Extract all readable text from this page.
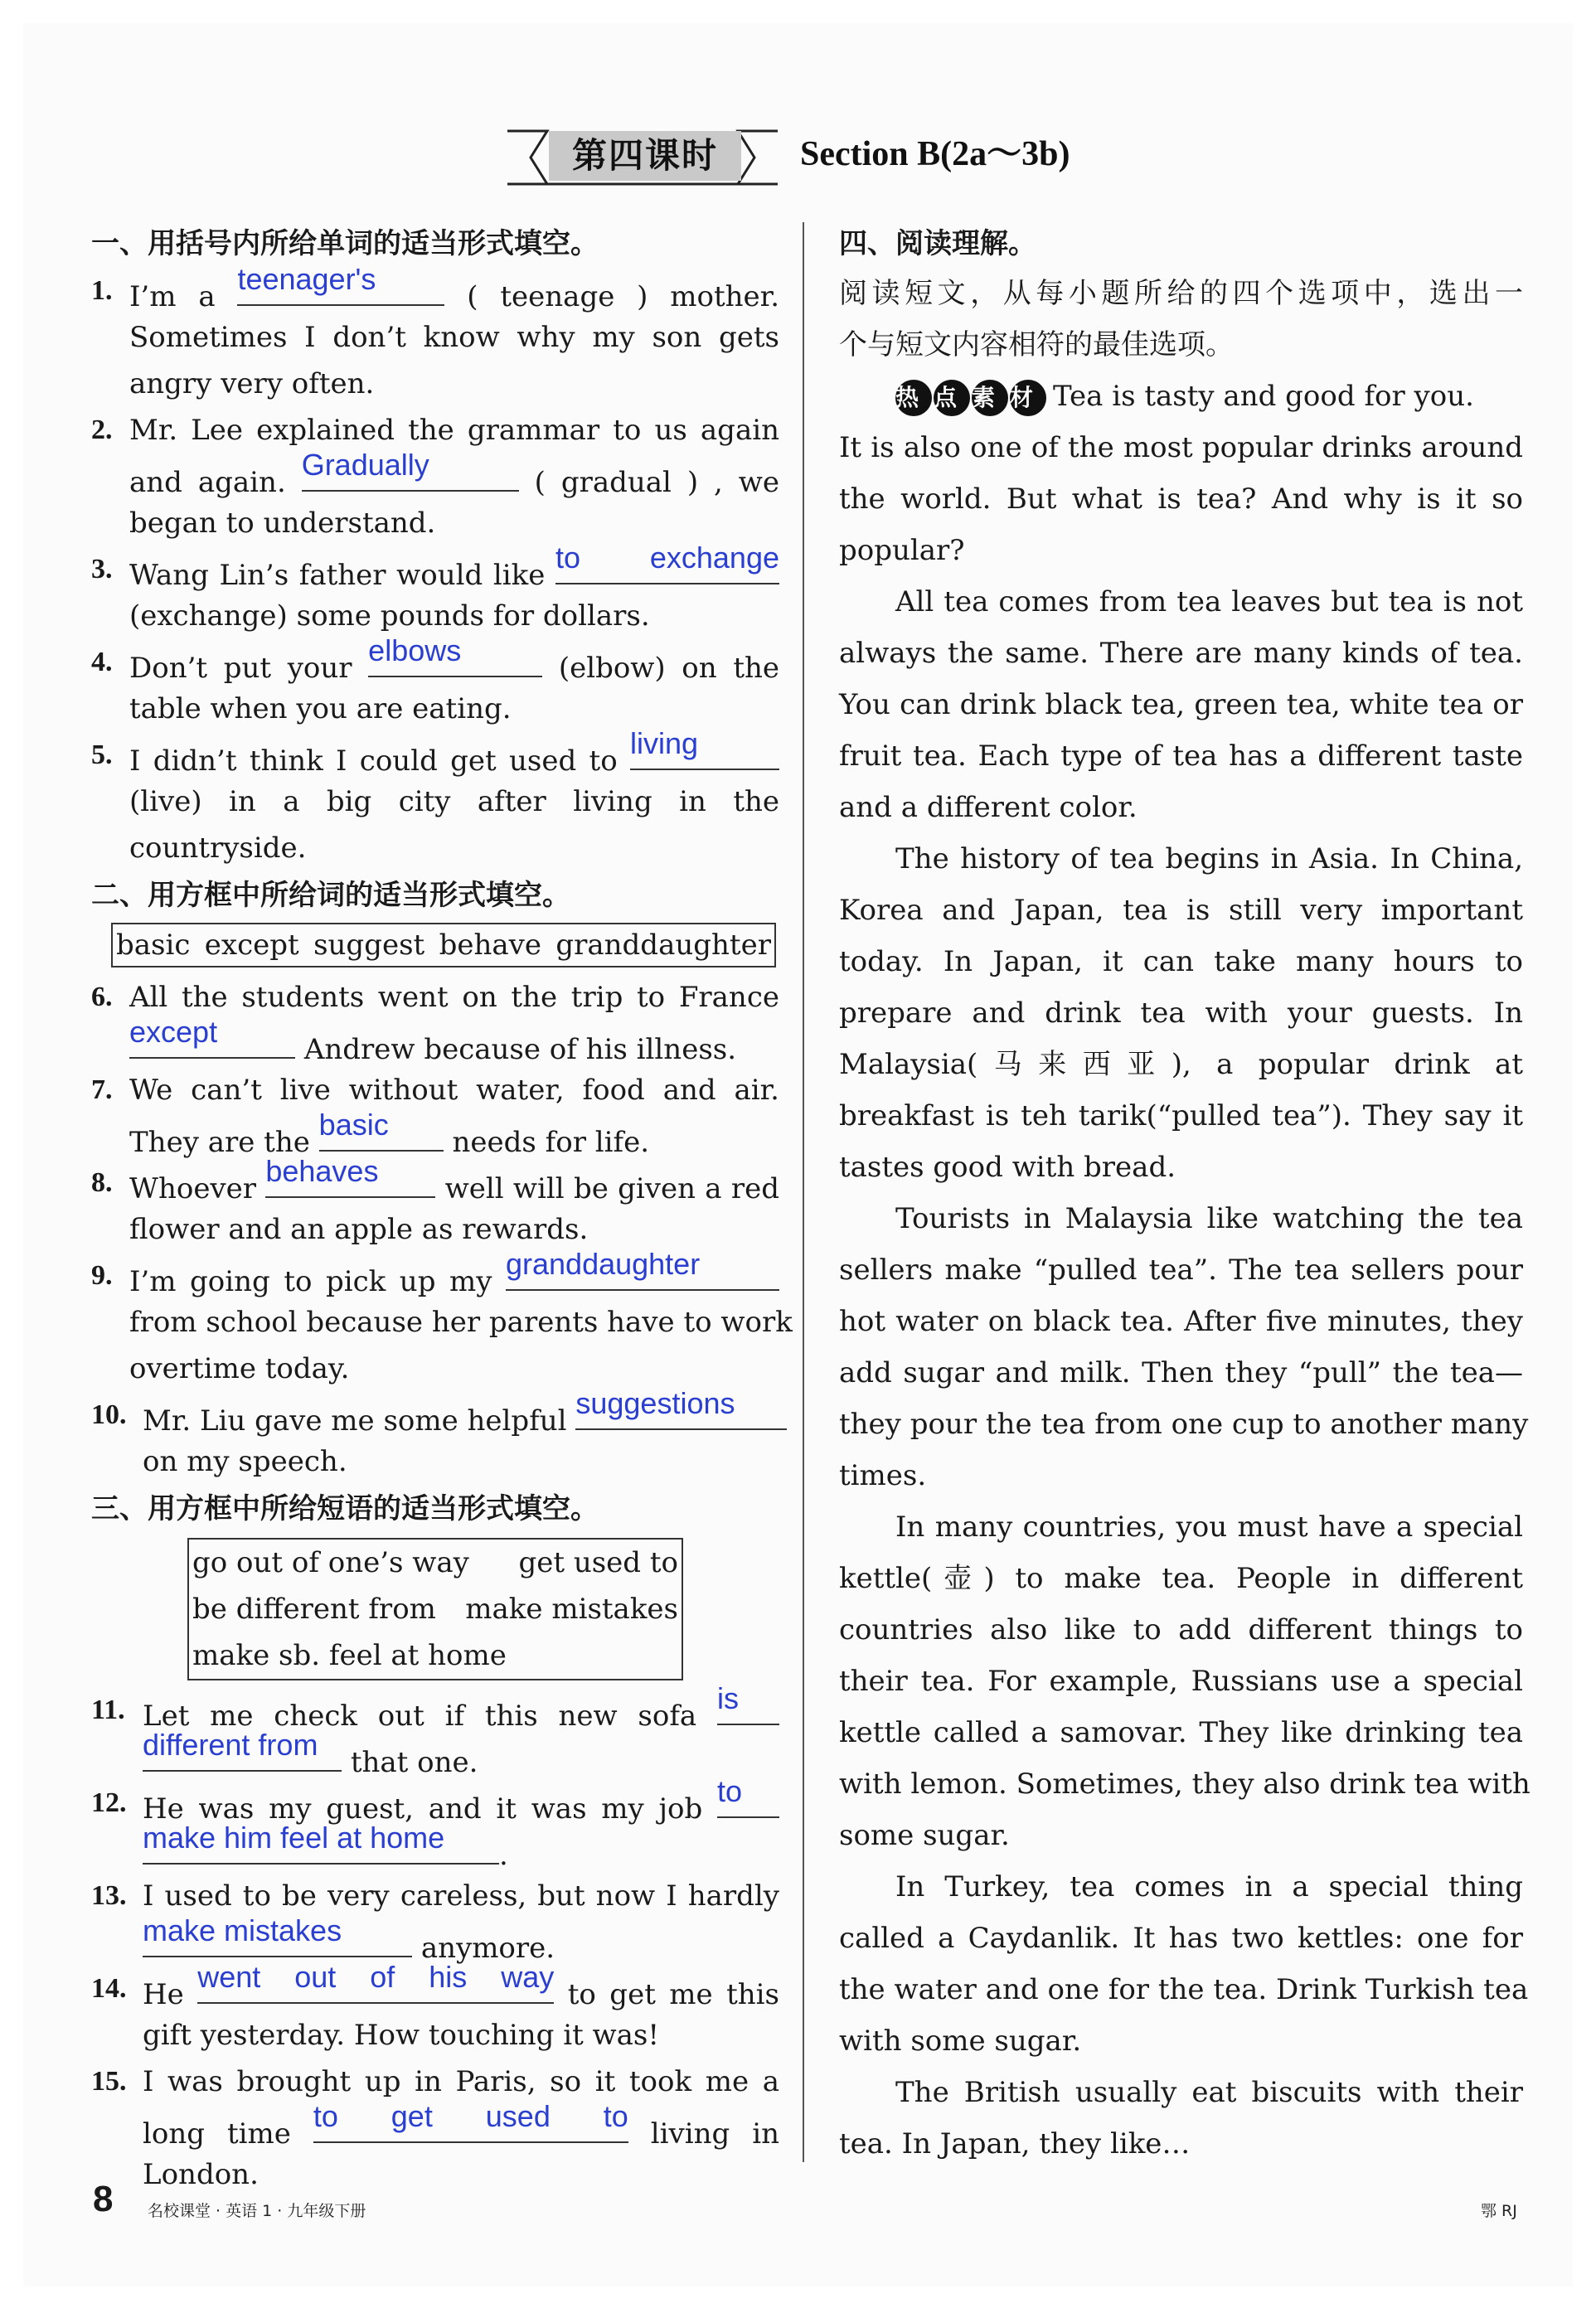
第四课时	Section B(2a～3b)
一、用括号内所给单词的适当形式填空。
1. I’m a
teenager's
( teenage ) mother.
Sometimes I don’t know why my son gets
angry very often.
2. Mr. Lee explained the grammar to us again
and again.
Gradually
( gradual ) , we
began to understand.
3. Wang Lin’s father would like
to exchange
(exchange) some pounds for dollars.
4. Don’t put your
elbows
(elbow) on the
table when you are eating.
5. I didn’t think I could get used to
living
(live) in a big city after living in the
countryside.
二、用方框中所给词的适当形式填空。
basic except suggest behave granddaughter
6. All the students went on the trip to France
except
Andrew because of his illness.
7. We can’t live without water, food and air.
They are the
basic
needs for life.
8. Whoever
behaves
well will be given a red
flower and an apple as rewards.
9. I’m going to pick up my
granddaughter
from school because her parents have to work
overtime today.
10. Mr. Liu gave me some helpful
suggestions
on my speech.
三、用方框中所给短语的适当形式填空。
go out of one’s way get used to
be different from make mistakes
make sb. feel at home
11. Let me check out if this new sofa
is
different from
that one.
12. He was my guest, and it was my job
to
make him feel at home
.
13. I used to be very careless, but now I hardly
make mistakes
anymore.
14. He
went out of his way
to get me this
gift yesterday. How touching it was!
15. I was brought up in Paris, so it took me a
long time
to get used to
living in
London.
四、阅读理解。
阅读短文，从每小题所给的四个选项中，选出一
个与短文内容相符的最佳选项。
热 点 素 材 Tea is tasty and good for you.
It is also one of the most popular drinks around
the world. But what is tea? And why is it so
popular?
All tea comes from tea leaves but tea is not
always the same. There are many kinds of tea.
You can drink black tea, green tea, white tea or
fruit tea. Each type of tea has a different taste
and a different color.
The history of tea begins in Asia. In China,
Korea and Japan, tea is still very important
today. In Japan, it can take many hours to
prepare and drink tea with your guests. In
Malaysia(马来西亚), a popular drink at
breakfast is teh tarik(“pulled tea”). They say it
tastes good with bread.
Tourists in Malaysia like watching the tea
sellers make “pulled tea”. The tea sellers pour
hot water on black tea. After five minutes, they
add sugar and milk. Then they “pull” the tea—
they pour the tea from one cup to another many
times.
In many countries, you must have a special
kettle(壶) to make tea. People in different
countries also like to add different things to
their tea. For example, Russians use a special
kettle called a samovar. They like drinking tea
with lemon. Sometimes, they also drink tea with
some sugar.
In Turkey, tea comes in a special thing
called a Caydanlik. It has two kettles: one for
the water and one for the tea. Drink Turkish tea
with some sugar.
The British usually eat biscuits with their
tea. In Japan, they like…
8 名校课堂 · 英语 1 · 九年级下册	鄂 RJ
